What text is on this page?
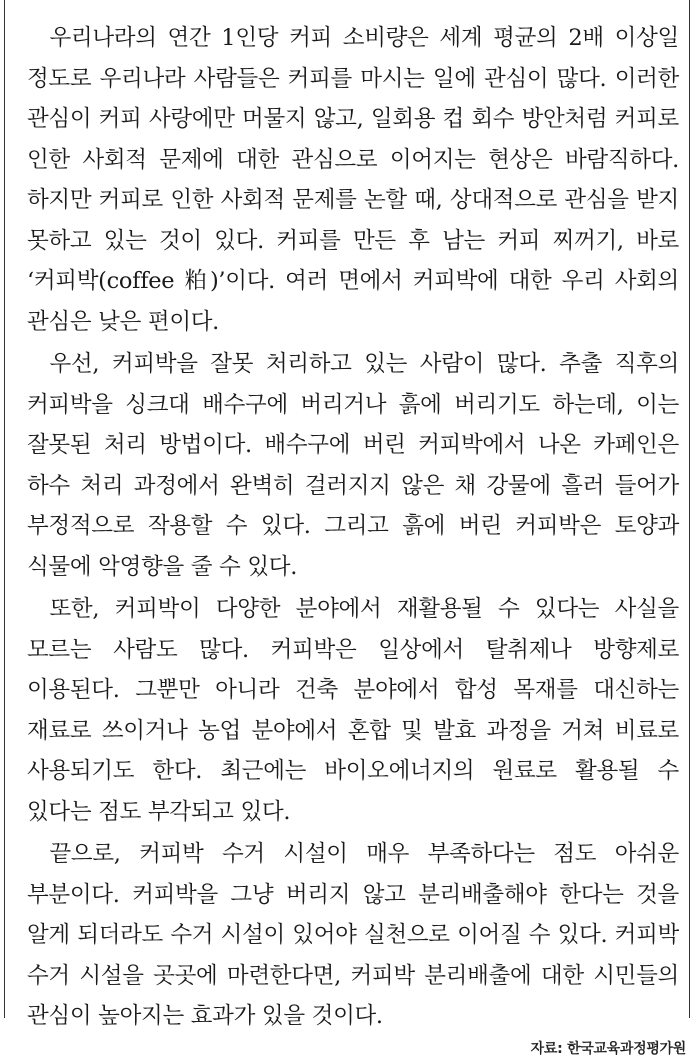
우리나라의 연간 1인당 커피 소비량은 세계 평균의 2배 이상일 정도로 우리나라 사람들은 커피를 마시는 일에 관심이 많다. 이러한 관심이 커피 사랑에만 머물지 않고, 일회용 컵 회수 방안처럼 커피로 인한 사회적 문제에 대한 관심으로 이어지는 현상은 바람직하다. 하지만 커피로 인한 사회적 문제를 논할 때, 상대적으로 관심을 받지 못하고 있는 것이 있다. 커피를 만든 후 남는 커피 찌꺼기, 바로 ‘커피박(coffee 粕)’이다. 여러 면에서 커피박에 대한 우리 사회의 관심은 낮은 편이다.

우선, 커피박을 잘못 처리하고 있는 사람이 많다. 추출 직후의 커피박을 싱크대 배수구에 버리거나 흙에 버리기도 하는데, 이는 잘못된 처리 방법이다. 배수구에 버린 커피박에서 나온 카페인은 하수 처리 과정에서 완벽히 걸러지지 않은 채 강물에 흘러 들어가 부정적으로 작용할 수 있다. 그리고 흙에 버린 커피박은 토양과 식물에 악영향을 줄 수 있다.

또한, 커피박이 다양한 분야에서 재활용될 수 있다는 사실을 모르는 사람도 많다. 커피박은 일상에서 탈취제나 방향제로 이용된다. 그뿐만 아니라 건축 분야에서 합성 목재를 대신하는 재료로 쓰이거나 농업 분야에서 혼합 및 발효 과정을 거쳐 비료로 사용되기도 한다. 최근에는 바이오에너지의 원료로 활용될 수 있다는 점도 부각되고 있다.

끝으로, 커피박 수거 시설이 매우 부족하다는 점도 아쉬운 부분이다. 커피박을 그냥 버리지 않고 분리배출해야 한다는 것을 알게 되더라도 수거 시설이 있어야 실천으로 이어질 수 있다. 커피박 수거 시설을 곳곳에 마련한다면, 커피박 분리배출에 대한 시민들의 관심이 높아지는 효과가 있을 것이다.

자료: 한국교육과정평가원
